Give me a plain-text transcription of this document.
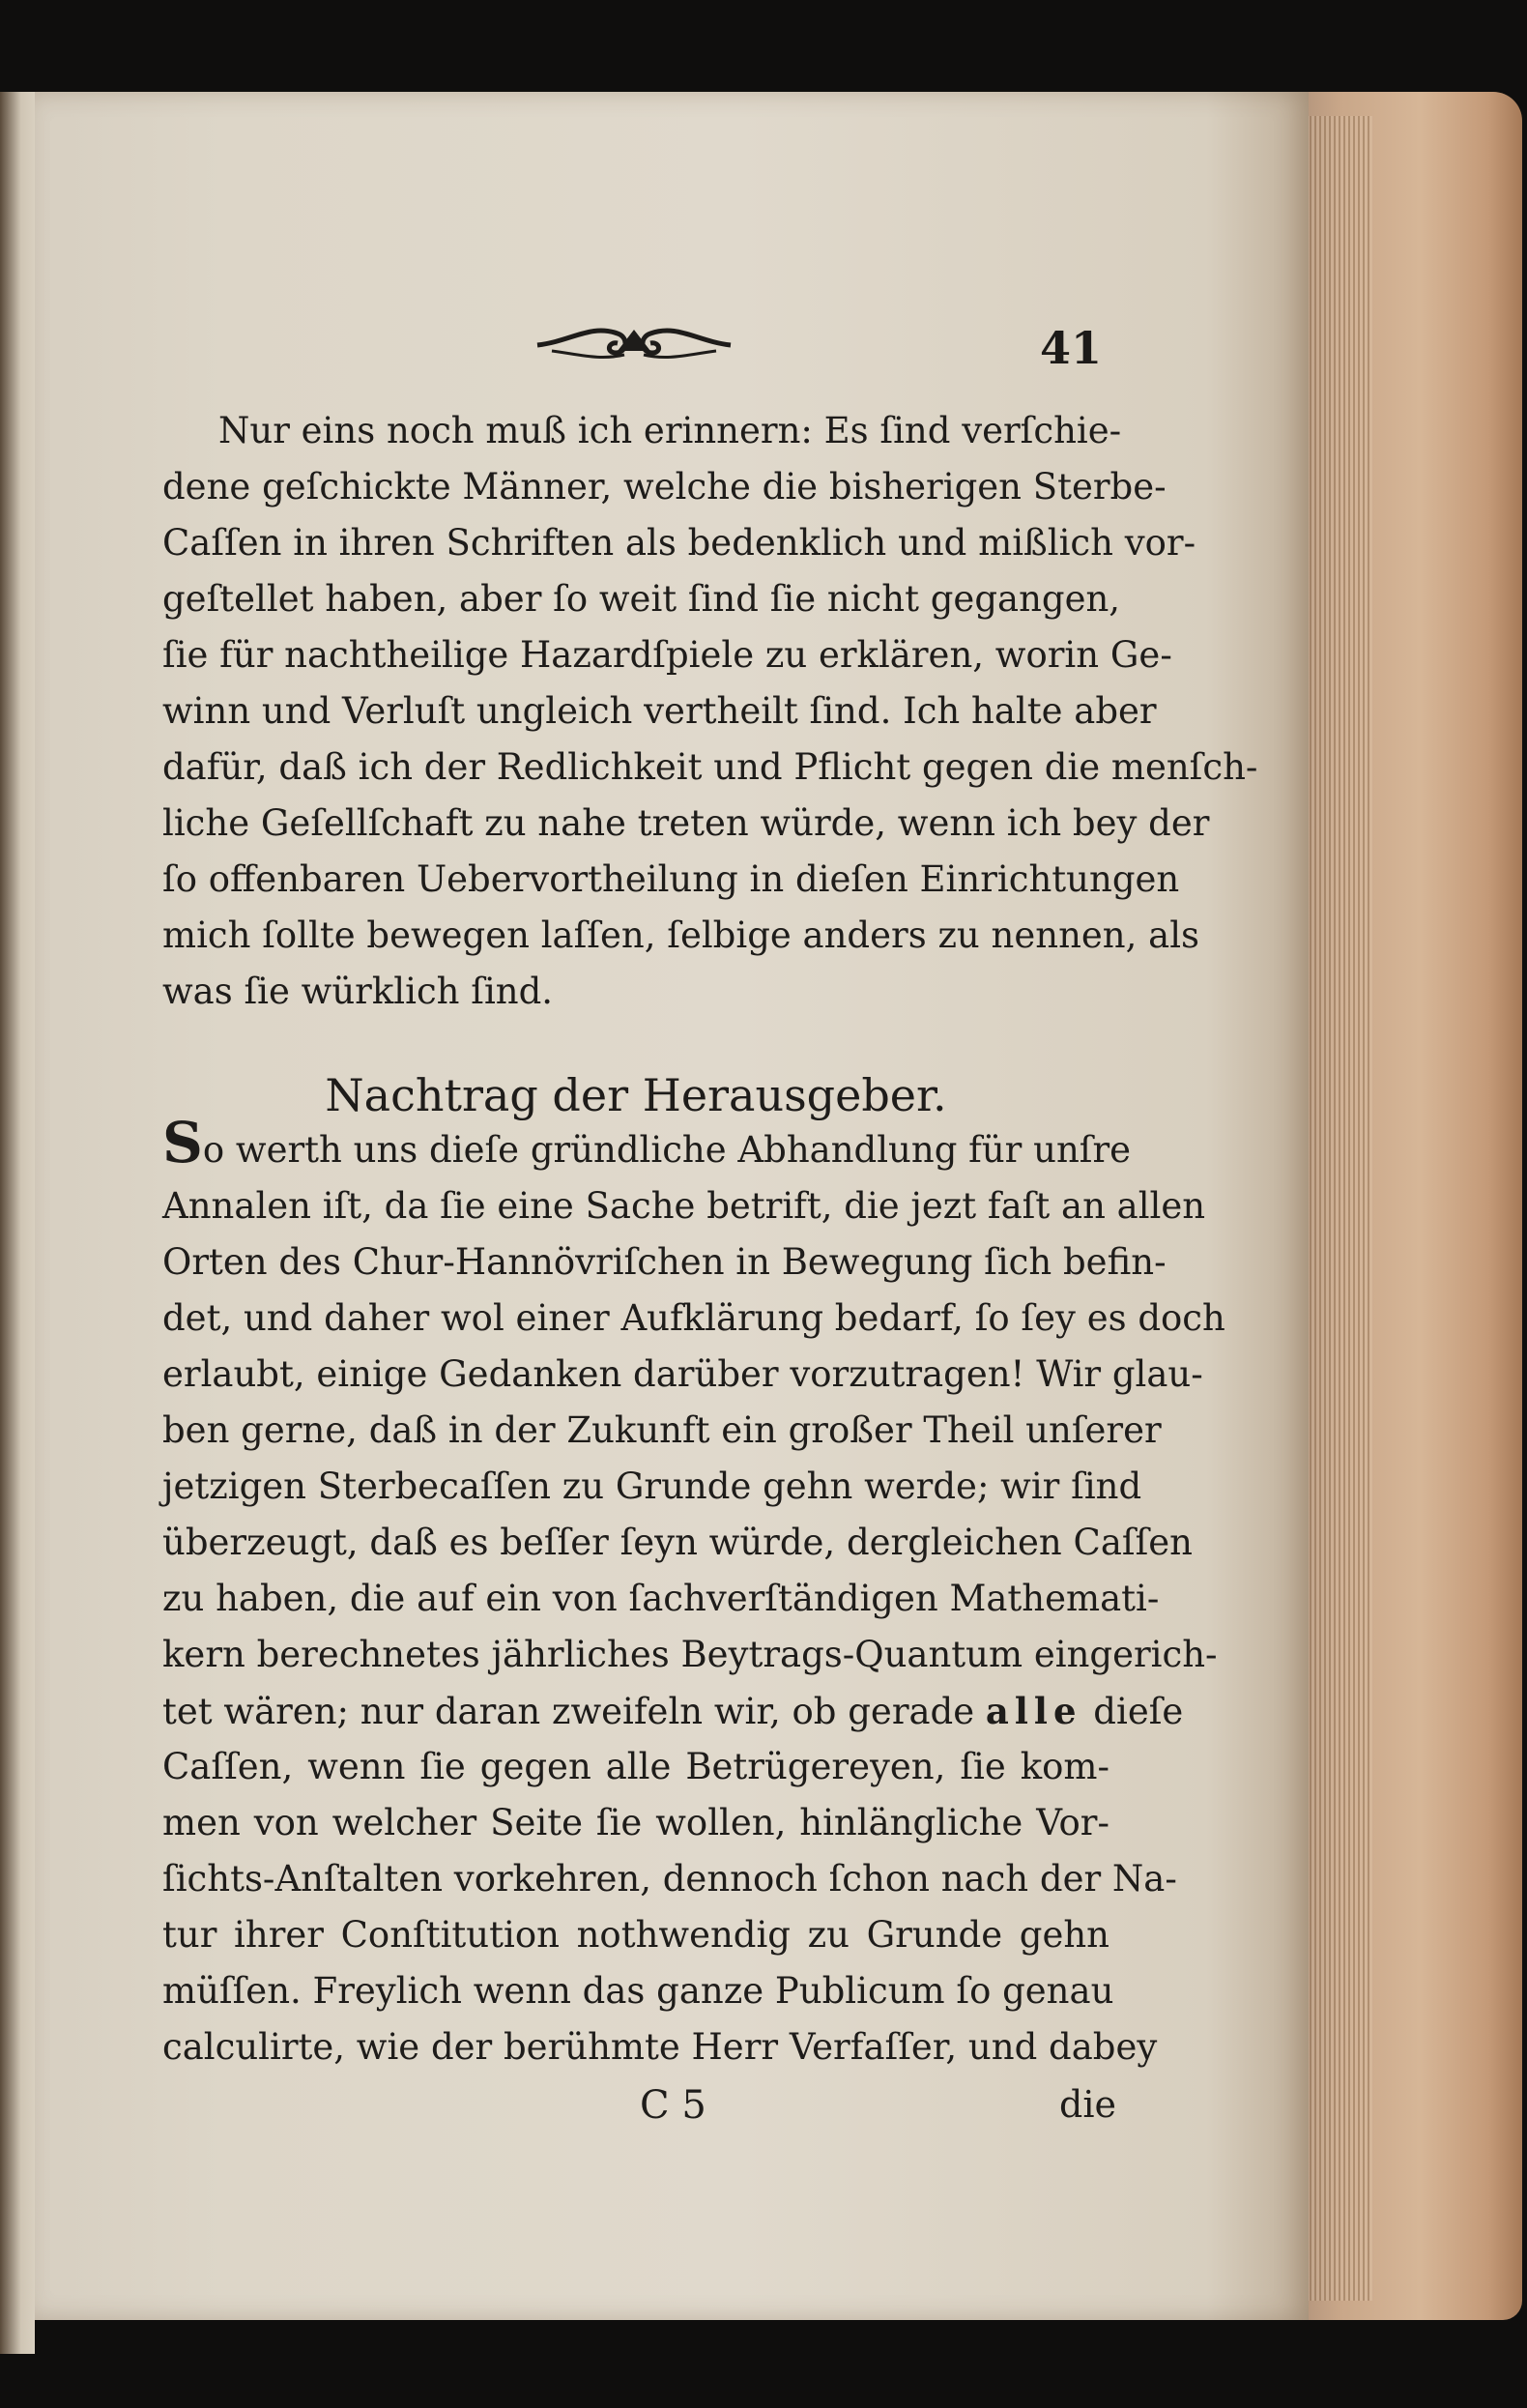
41
Nur eins noch muß ich erinnern: Es ſind verſchie-
dene geſchickte Männer, welche die bisherigen Sterbe-
Caſſen in ihren Schriften als bedenklich und mißlich vor-
geſtellet haben, aber ſo weit ſind ſie nicht gegangen,
ſie für nachtheilige Hazardſpiele zu erklären, worin Ge-
winn und Verluſt ungleich vertheilt ſind. Ich halte aber
dafür, daß ich der Redlichkeit und Pflicht gegen die menſch-
liche Geſellſchaft zu nahe treten würde, wenn ich bey der
ſo offenbaren Uebervortheilung in dieſen Einrichtungen
mich ſollte bewegen laſſen, ſelbige anders zu nennen, als
was ſie würklich ſind.
Nachtrag der Herausgeber.
So werth uns dieſe gründliche Abhandlung für unſre
Annalen iſt, da ſie eine Sache betrift, die jezt faſt an allen
Orten des Chur-Hannövriſchen in Bewegung ſich befin-
det, und daher wol einer Aufklärung bedarf, ſo ſey es doch
erlaubt, einige Gedanken darüber vorzutragen! Wir glau-
ben gerne, daß in der Zukunft ein großer Theil unſerer
jetzigen Sterbecaſſen zu Grunde gehn werde; wir ſind
überzeugt, daß es beſſer ſeyn würde, dergleichen Caſſen
zu haben, die auf ein von ſachverſtändigen Mathemati-
kern berechnetes jährliches Beytrags-Quantum eingerich-
tet wären; nur daran zweifeln wir, ob gerade alle dieſe
Caſſen, wenn ſie gegen alle Betrügereyen, ſie kom-
men von welcher Seite ſie wollen, hinlängliche Vor-
ſichts-Anſtalten vorkehren, dennoch ſchon nach der Na-
tur ihrer Conſtitution nothwendig zu Grunde gehn
müſſen. Freylich wenn das ganze Publicum ſo genau
calculirte, wie der berühmte Herr Verfaſſer, und dabey
C 5	die
